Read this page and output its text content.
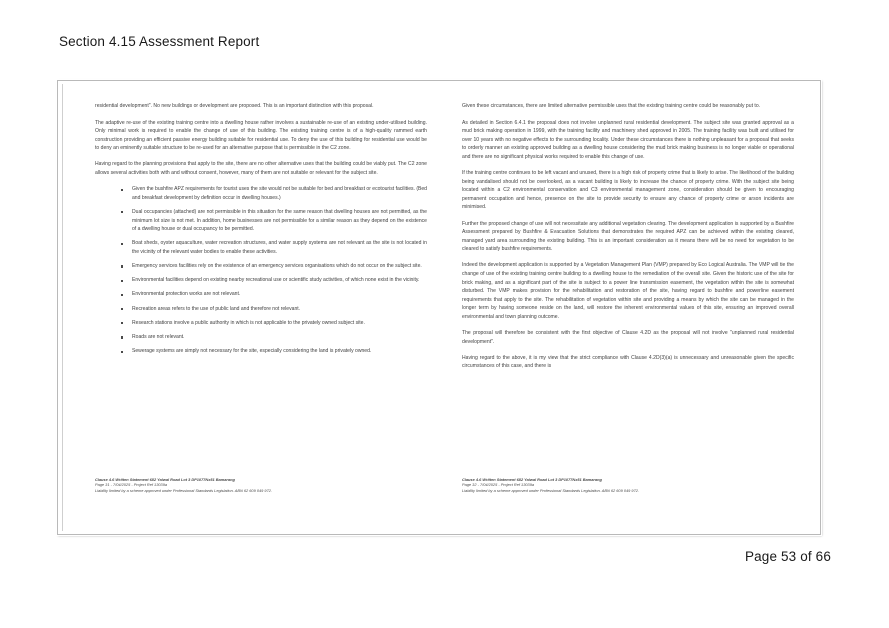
Section 4.15 Assessment Report

residential development". No new buildings or development are proposed. This is an important distinction with this proposal.

The adaptive re-use of the existing training centre into a dwelling house rather involves a sustainable re-use of an existing under-utilised building. Only minimal work is required to enable the change of use of this building. The existing training centre is of a high-quality rammed earth construction providing an efficient passive energy building suitable for residential use. To deny the use of this building for residential use would be to deny an eminently suitable structure to be re-used for an alternative purpose that is permissible in the C2 zone.

Having regard to the planning provisions that apply to the site, there are no other alternative uses that the building could be viably put. The C2 zone allows several activities both with and without consent, however, many of them are not suitable or relevant for the subject site.

Given the bushfire APZ requirements for tourist uses the site would not be suitable for bed and breakfast or ecotourist facilities. (Bed and breakfast development by definition occur in dwelling houses.)
Dual occupancies (attached) are not permissible in this situation for the same reason that dwelling houses are not permitted, as the minimum lot size is not met. In addition, home businesses are not permissible for a similar reason as they depend on the existence of a dwelling house or dual occupancy to be permitted.
Boat sheds, oyster aquaculture, water recreation structures, and water supply systems are not relevant as the site is not located in the vicinity of the relevant water bodies to enable these activities.
Emergency services facilities rely on the existence of an emergency services organisations which do not occur on the subject site.
Environmental facilities depend on existing nearby recreational use or scientific study activities, of which none exist in the vicinity.
Environmental protection works are not relevant.
Recreation areas refers to the use of public land and therefore not relevant.
Research stations involve a public authority in which is not applicable to the privately owned subject site.
Roads are not relevant.
Sewerage systems are simply not necessary for the site, especially considering the land is privately owned.
Clause 4.6 Written Statement 682 Yalwal Road Lot 3 DP1077Nx51 Bamarang
Page 31 - 7/04/2025 - Project Ref 13039a
Liability limited by a scheme approved under Professional Standards Legislation. ABN 62 609 049 972.

Given these circumstances, there are limited alternative permissible uses that the existing training centre could be reasonably put to.

As detailed in Section 6.4.1 the proposal does not involve unplanned rural residential development. The subject site was granted approval as a mud brick making operation in 1999, with the training facility and machinery shed approved in 2005. The training facility was built and utilised for over 10 years with no negative effects to the surrounding locality. Under these circumstances there is nothing unpleasant for a proposal that seeks to orderly manner an existing approved building as a dwelling house considering the mud brick making business is no longer viable or operational and there are no significant physical works required to enable this change of use.

If the training centre continues to be left vacant and unused, there is a high risk of property crime that is likely to arise. The likelihood of the building being vandalised should not be overlooked, as a vacant building is likely to increase the chance of property crime. With the subject site being located within a C2 environmental conservation and C3 environmental management zone, consideration should be given to encouraging permanent occupation and hence, presence on the site to provide security to ensure any chance of property crime or arson incidents are minimised.

Further the proposed change of use will not necessitate any additional vegetation clearing. The development application is supported by a Bushfire Assessment prepared by Bushfire & Evacuation Solutions that demonstrates the required APZ can be achieved within the existing cleared, managed yard area surrounding the existing building. This is an important consideration as it means there will be no need for vegetation to be cleared to satisfy bushfire requirements.

Indeed the development application is supported by a Vegetation Management Plan (VMP) prepared by Eco Logical Australia. The VMP will tie the change of use of the existing training centre building to a dwelling house to the remediation of the overall site. Given the historic use of the site for brick making, and as a significant part of the site is subject to a power line transmission easement, the vegetation within the site is somewhat disturbed. The VMP makes provision for the rehabilitation and restoration of the site, having regard to bushfire and powerline easement requirements that apply to the site. The rehabilitation of vegetation within site and providing a means by which the site can be managed in the longer term by having someone reside on the land, will restore the inherent environmental values of this site, ensuring an improved overall environmental and town planning outcome.

The proposal will therefore be consistent with the first objective of Clause 4.2D as the proposal will not involve "unplanned rural residential development".

Having regard to the above, it is my view that the strict compliance with Clause 4.2D(3)(a) is unnecessary and unreasonable given the specific circumstances of this case, and there is

Clause 4.6 Written Statement 682 Yalwal Road Lot 3 DP1077Nx51 Bamarang
Page 32 - 7/04/2025 - Project Ref 13039a
Liability limited by a scheme approved under Professional Standards Legislation. ABN 62 609 049 972.
Page 53 of 66
